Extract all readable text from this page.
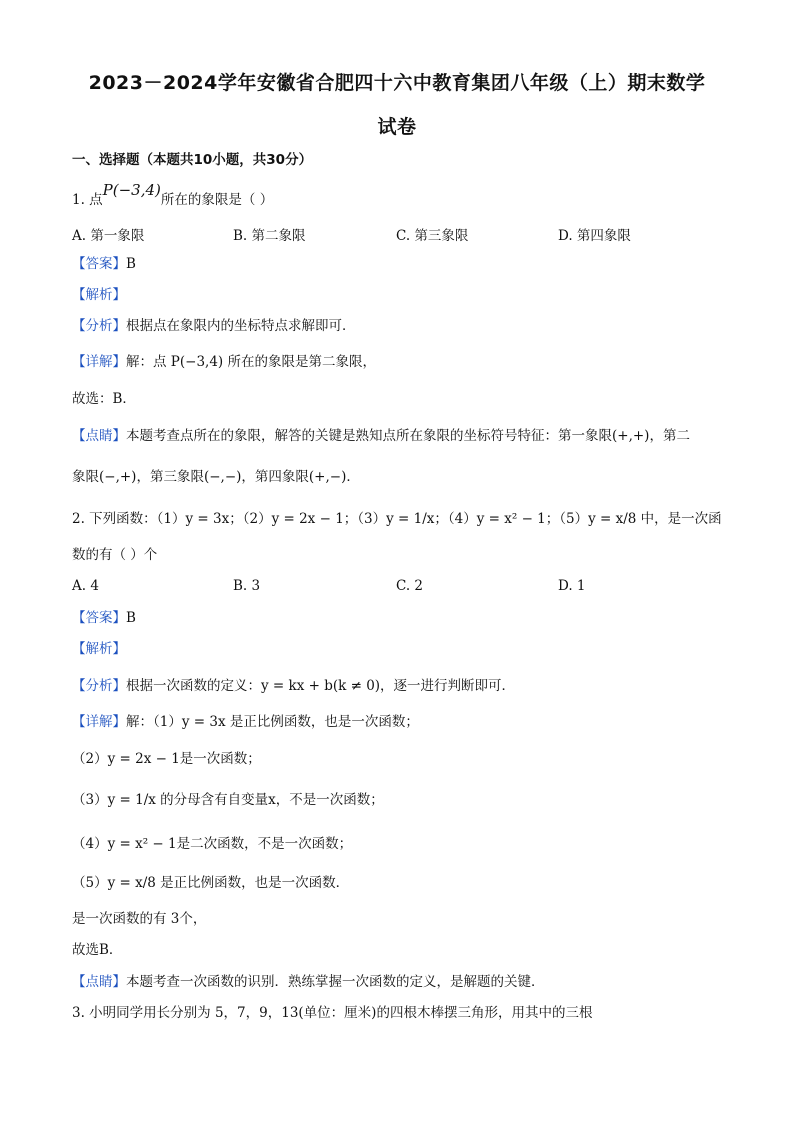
2023－2024学年安徽省合肥四十六中教育集团八年级（上）期末数学
试卷
一、选择题（本题共10小题，共30分）
1. 点P(−3,4)所在的象限是（ ）
A. 第一象限	B. 第二象限	C. 第三象限	D. 第四象限
【答案】B
【解析】
【分析】根据点在象限内的坐标特点求解即可．
【详解】解：点 P(−3,4) 所在的象限是第二象限，
故选：B．
【点睛】本题考查点所在的象限，解答的关键是熟知点所在象限的坐标符号特征：第一象限(+,+)，第二
象限(−,+)，第三象限(−,−)，第四象限(+,−)．
2. 下列函数：（1）y = 3x；（2）y = 2x − 1；（3）y = 1/x；（4）y = x² − 1；（5）y = x/8 中，是一次函
数的有（ ）个
A. 4	B. 3	C. 2	D. 1
【答案】B
【解析】
【分析】根据一次函数的定义：y = kx + b(k ≠ 0)，逐一进行判断即可．
【详解】解：（1）y = 3x 是正比例函数，也是一次函数；
（2）y = 2x − 1是一次函数；
（3）y = 1/x 的分母含有自变量x，不是一次函数；
（4）y = x² − 1是二次函数，不是一次函数；
（5）y = x/8 是正比例函数，也是一次函数．
是一次函数的有 3个，
故选B．
【点睛】本题考查一次函数的识别．熟练掌握一次函数的定义，是解题的关键．
3. 小明同学用长分别为 5，7，9，13(单位：厘米)的四根木棒摆三角形，用其中的三根
